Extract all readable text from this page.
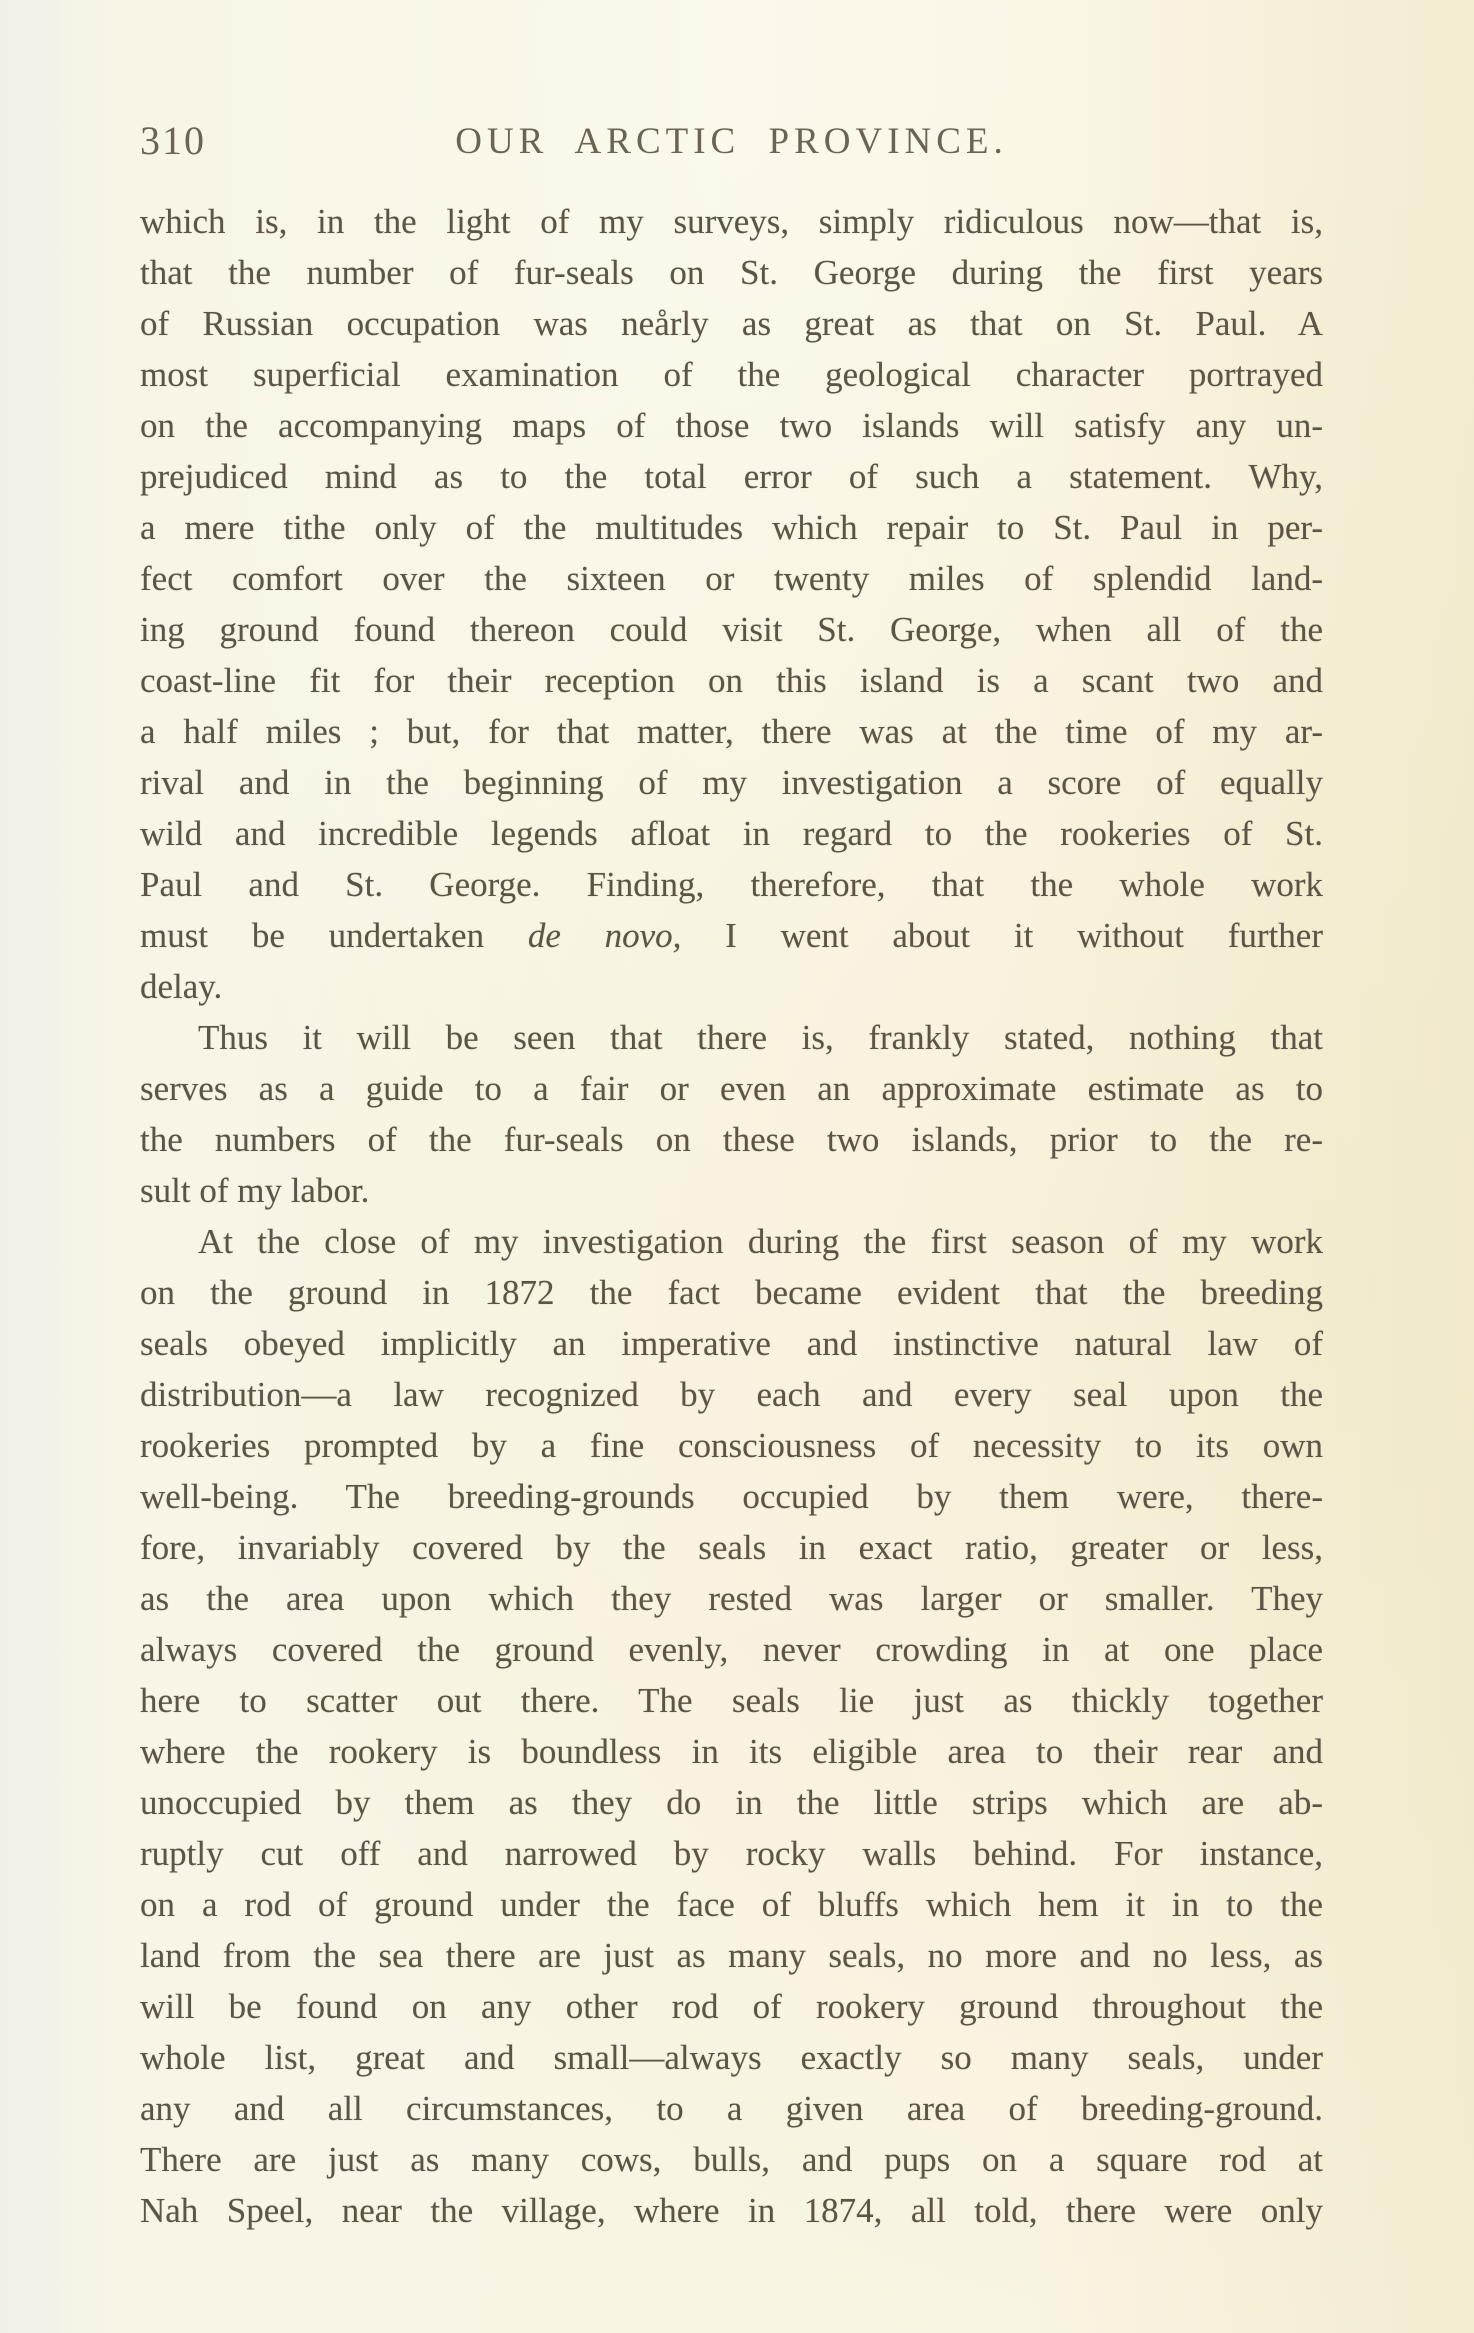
310	OUR ARCTIC PROVINCE.
which is, in the light of my surveys, simply ridiculous now—that is,
that the number of fur-seals on St. George during the first years
of Russian occupation was neårly as great as that on St. Paul. A
most superficial examination of the geological character portrayed
on the accompanying maps of those two islands will satisfy any un-
prejudiced mind as to the total error of such a statement. Why,
a mere tithe only of the multitudes which repair to St. Paul in per-
fect comfort over the sixteen or twenty miles of splendid land-
ing ground found thereon could visit St. George, when all of the
coast-line fit for their reception on this island is a scant two and
a half miles ; but, for that matter, there was at the time of my ar-
rival and in the beginning of my investigation a score of equally
wild and incredible legends afloat in regard to the rookeries of St.
Paul and St. George. Finding, therefore, that the whole work
must be undertaken de novo, I went about it without further
delay.
Thus it will be seen that there is, frankly stated, nothing that
serves as a guide to a fair or even an approximate estimate as to
the numbers of the fur-seals on these two islands, prior to the re-
sult of my labor.
At the close of my investigation during the first season of my work
on the ground in 1872 the fact became evident that the breeding
seals obeyed implicitly an imperative and instinctive natural law of
distribution—a law recognized by each and every seal upon the
rookeries prompted by a fine consciousness of necessity to its own
well-being. The breeding-grounds occupied by them were, there-
fore, invariably covered by the seals in exact ratio, greater or less,
as the area upon which they rested was larger or smaller. They
always covered the ground evenly, never crowding in at one place
here to scatter out there. The seals lie just as thickly together
where the rookery is boundless in its eligible area to their rear and
unoccupied by them as they do in the little strips which are ab-
ruptly cut off and narrowed by rocky walls behind. For instance,
on a rod of ground under the face of bluffs which hem it in to the
land from the sea there are just as many seals, no more and no less, as
will be found on any other rod of rookery ground throughout the
whole list, great and small—always exactly so many seals, under
any and all circumstances, to a given area of breeding-ground.
There are just as many cows, bulls, and pups on a square rod at
Nah Speel, near the village, where in 1874, all told, there were only
